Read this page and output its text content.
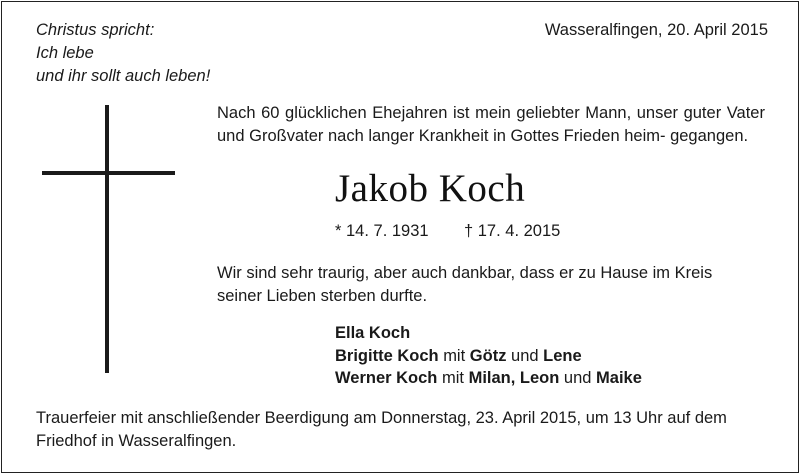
Christus spricht:
Ich lebe
und ihr sollt auch leben!
Wasseralfingen, 20. April 2015
Nach 60 glücklichen Ehejahren ist mein geliebter Mann, unser guter Vater und Großvater nach langer Krankheit in Gottes Frieden heim- gegangen.
Jakob Koch
* 14. 7. 1931 † 17. 4. 2015
Wir sind sehr traurig, aber auch dankbar, dass er zu Hause im Kreis
seiner Lieben sterben durfte.
Ella Koch
Brigitte Koch mit Götz und Lene
Werner Koch mit Milan, Leon und Maike
Trauerfeier mit anschließender Beerdigung am Donnerstag, 23. April 2015, um 13 Uhr auf dem
Friedhof in Wasseralfingen.
